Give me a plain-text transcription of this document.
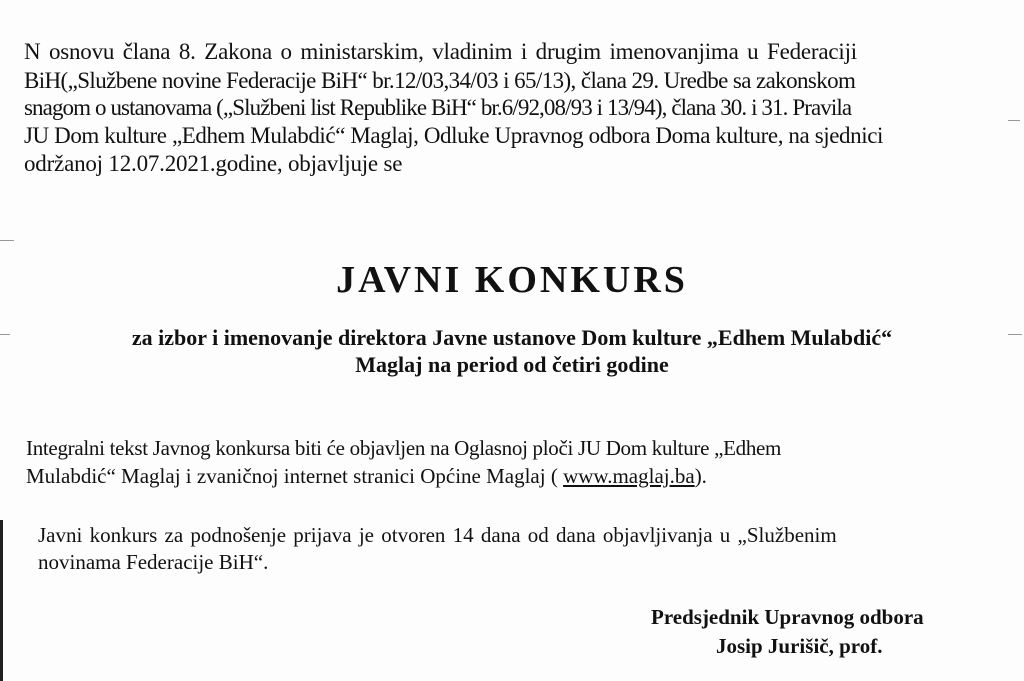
N osnovu člana 8. Zakona o ministarskim, vladinim i drugim imenovanjima u Federaciji
BiH(„Službene novine Federacije BiH“ br.12/03,34/03 i 65/13), člana 29. Uredbe sa zakonskom
snagom o ustanovama („Službeni list Republike BiH“ br.6/92,08/93 i 13/94), člana 30. i 31. Pravila
JU Dom kulture „Edhem Mulabdić“ Maglaj, Odluke Upravnog odbora Doma kulture, na sjednici
održanoj 12.07.2021.godine, objavljuje se
JAVNI KONKURS
za izbor i imenovanje direktora Javne ustanove Dom kulture „Edhem Mulabdić“
Maglaj na period od četiri godine
Integralni tekst Javnog konkursa biti će objavljen na Oglasnoj ploči JU Dom kulture „Edhem
Mulabdić“ Maglaj i zvaničnoj internet stranici Općine Maglaj ( www.maglaj.ba).
Javni konkurs za podnošenje prijava je otvoren 14 dana od dana objavljivanja u „Službenim
novinama Federacije BiH“.
Predsjednik Upravnog odbora
Josip Jurišič, prof.
